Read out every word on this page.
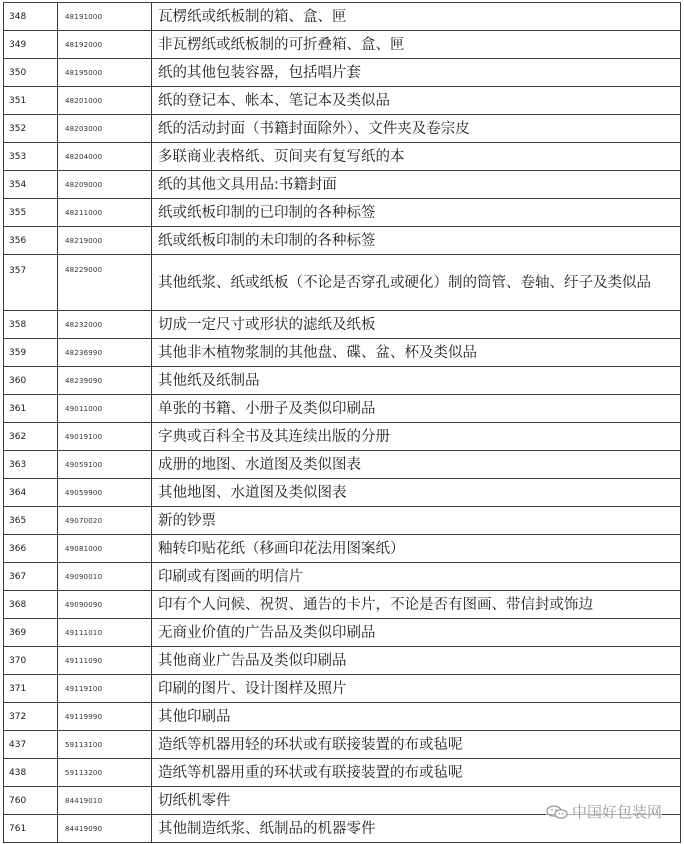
348	48191000	瓦楞纸或纸板制的箱、盒、匣
349	48192000	非瓦楞纸或纸板制的可折叠箱、盒、匣
350	48195000	纸的其他包装容器，包括唱片套
351	48201000	纸的登记本、帐本、笔记本及类似品
352	48203000	纸的活动封面（书籍封面除外）、文件夹及卷宗皮
353	48204000	多联商业表格纸、页间夹有复写纸的本
354	48209000	纸的其他文具用品:书籍封面
355	48211000	纸或纸板印制的已印制的各种标签
356	48219000	纸或纸板印制的未印制的各种标签
357	48229000	其他纸浆、纸或纸板（不论是否穿孔或硬化）制的筒管、卷轴、纡子及类似品
358	48232000	切成一定尺寸或形状的滤纸及纸板
359	48236990	其他非木植物浆制的其他盘、碟、盆、杯及类似品
360	48239090	其他纸及纸制品
361	49011000	单张的书籍、小册子及类似印刷品
362	49019100	字典或百科全书及其连续出版的分册
363	49059100	成册的地图、水道图及类似图表
364	49059900	其他地图、水道图及类似图表
365	49070020	新的钞票
366	49081000	釉转印贴花纸（移画印花法用图案纸）
367	49090010	印刷或有图画的明信片
368	49090090	印有个人问候、祝贺、通告的卡片，不论是否有图画、带信封或饰边
369	49111010	无商业价值的广告品及类似印刷品
370	49111090	其他商业广告品及类似印刷品
371	49119100	印刷的图片、设计图样及照片
372	49119990	其他印刷品
437	59113100	造纸等机器用轻的环状或有联接装置的布或毡呢
438	59113200	造纸等机器用重的环状或有联接装置的布或毡呢
760	84419010	切纸机零件
761	84419090	其他制造纸浆、纸制品的机器零件
中国好包装网
